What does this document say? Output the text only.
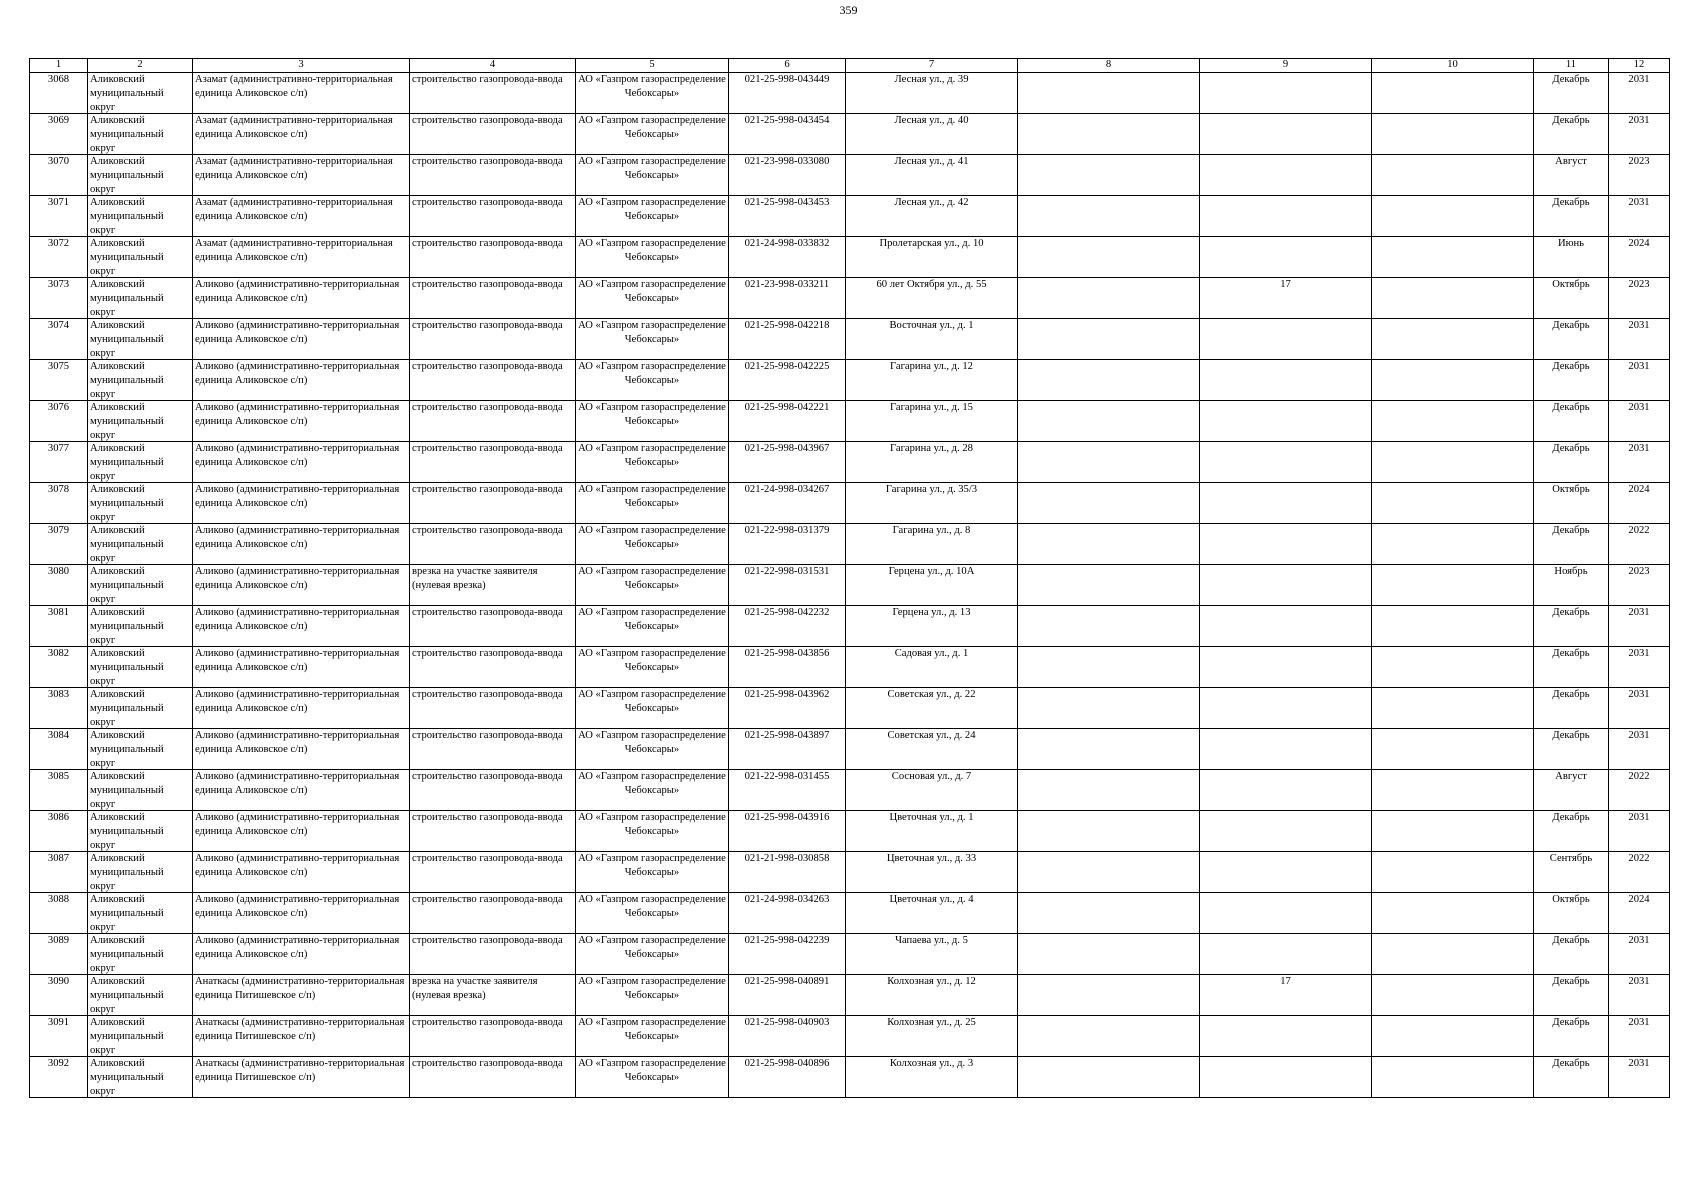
359
1	2	3	4	5	6	7	8	9	10	11	12

3068	Аликовский муниципальный округ	Азамат (административно-территориальная единица Аликовское с/п)	строительство газопровода-ввода	АО «Газпром газораспределение Чебоксары»	021-25-998-043449	Лесная ул., д. 39				Декабрь	2031

3069	Аликовский муниципальный округ	Азамат (административно-территориальная единица Аликовское с/п)	строительство газопровода-ввода	АО «Газпром газораспределение Чебоксары»	021-25-998-043454	Лесная ул., д. 40				Декабрь	2031

3070	Аликовский муниципальный округ	Азамат (административно-территориальная единица Аликовское с/п)	строительство газопровода-ввода	АО «Газпром газораспределение Чебоксары»	021-23-998-033080	Лесная ул., д. 41				Август	2023

3071	Аликовский муниципальный округ	Азамат (административно-территориальная единица Аликовское с/п)	строительство газопровода-ввода	АО «Газпром газораспределение Чебоксары»	021-25-998-043453	Лесная ул., д. 42				Декабрь	2031

3072	Аликовский муниципальный округ	Азамат (административно-территориальная единица Аликовское с/п)	строительство газопровода-ввода	АО «Газпром газораспределение Чебоксары»	021-24-998-033832	Пролетарская ул., д. 10				Июнь	2024

3073	Аликовский муниципальный округ	Аликово (административно-территориальная единица Аликовское с/п)	строительство газопровода-ввода	АО «Газпром газораспределение Чебоксары»	021-23-998-033211	60 лет Октября ул., д. 55		17		Октябрь	2023

3074	Аликовский муниципальный округ	Аликово (административно-территориальная единица Аликовское с/п)	строительство газопровода-ввода	АО «Газпром газораспределение Чебоксары»	021-25-998-042218	Восточная ул., д. 1				Декабрь	2031

3075	Аликовский муниципальный округ	Аликово (административно-территориальная единица Аликовское с/п)	строительство газопровода-ввода	АО «Газпром газораспределение Чебоксары»	021-25-998-042225	Гагарина ул., д. 12				Декабрь	2031

3076	Аликовский муниципальный округ	Аликово (административно-территориальная единица Аликовское с/п)	строительство газопровода-ввода	АО «Газпром газораспределение Чебоксары»	021-25-998-042221	Гагарина ул., д. 15				Декабрь	2031

3077	Аликовский муниципальный округ	Аликово (административно-территориальная единица Аликовское с/п)	строительство газопровода-ввода	АО «Газпром газораспределение Чебоксары»	021-25-998-043967	Гагарина ул., д. 28				Декабрь	2031

3078	Аликовский муниципальный округ	Аликово (административно-территориальная единица Аликовское с/п)	строительство газопровода-ввода	АО «Газпром газораспределение Чебоксары»	021-24-998-034267	Гагарина ул., д. 35/3				Октябрь	2024

3079	Аликовский муниципальный округ	Аликово (административно-территориальная единица Аликовское с/п)	строительство газопровода-ввода	АО «Газпром газораспределение Чебоксары»	021-22-998-031379	Гагарина ул., д. 8				Декабрь	2022

3080	Аликовский муниципальный округ	Аликово (административно-территориальная единица Аликовское с/п)	врезка на участке заявителя (нулевая врезка)	АО «Газпром газораспределение Чебоксары»	021-22-998-031531	Герцена ул., д. 10А				Ноябрь	2023

3081	Аликовский муниципальный округ	Аликово (административно-территориальная единица Аликовское с/п)	строительство газопровода-ввода	АО «Газпром газораспределение Чебоксары»	021-25-998-042232	Герцена ул., д. 13				Декабрь	2031

3082	Аликовский муниципальный округ	Аликово (административно-территориальная единица Аликовское с/п)	строительство газопровода-ввода	АО «Газпром газораспределение Чебоксары»	021-25-998-043856	Садовая ул., д. 1				Декабрь	2031

3083	Аликовский муниципальный округ	Аликово (административно-территориальная единица Аликовское с/п)	строительство газопровода-ввода	АО «Газпром газораспределение Чебоксары»	021-25-998-043962	Советская ул., д. 22				Декабрь	2031

3084	Аликовский муниципальный округ	Аликово (административно-территориальная единица Аликовское с/п)	строительство газопровода-ввода	АО «Газпром газораспределение Чебоксары»	021-25-998-043897	Советская ул., д. 24				Декабрь	2031

3085	Аликовский муниципальный округ	Аликово (административно-территориальная единица Аликовское с/п)	строительство газопровода-ввода	АО «Газпром газораспределение Чебоксары»	021-22-998-031455	Сосновая ул., д. 7				Август	2022

3086	Аликовский муниципальный округ	Аликово (административно-территориальная единица Аликовское с/п)	строительство газопровода-ввода	АО «Газпром газораспределение Чебоксары»	021-25-998-043916	Цветочная ул., д. 1				Декабрь	2031

3087	Аликовский муниципальный округ	Аликово (административно-территориальная единица Аликовское с/п)	строительство газопровода-ввода	АО «Газпром газораспределение Чебоксары»	021-21-998-030858	Цветочная ул., д. 33				Сентябрь	2022

3088	Аликовский муниципальный округ	Аликово (административно-территориальная единица Аликовское с/п)	строительство газопровода-ввода	АО «Газпром газораспределение Чебоксары»	021-24-998-034263	Цветочная ул., д. 4				Октябрь	2024

3089	Аликовский муниципальный округ	Аликово (административно-территориальная единица Аликовское с/п)	строительство газопровода-ввода	АО «Газпром газораспределение Чебоксары»	021-25-998-042239	Чапаева ул., д. 5				Декабрь	2031

3090	Аликовский муниципальный округ	Анаткасы (административно-территориальная единица Питишевское с/п)	врезка на участке заявителя (нулевая врезка)	АО «Газпром газораспределение Чебоксары»	021-25-998-040891	Колхозная ул., д. 12		17		Декабрь	2031

3091	Аликовский муниципальный округ	Анаткасы (административно-территориальная единица Питишевское с/п)	строительство газопровода-ввода	АО «Газпром газораспределение Чебоксары»	021-25-998-040903	Колхозная ул., д. 25				Декабрь	2031

3092	Аликовский муниципальный округ	Анаткасы (административно-территориальная единица Питишевское с/п)	строительство газопровода-ввода	АО «Газпром газораспределение Чебоксары»	021-25-998-040896	Колхозная ул., д. 3				Декабрь	2031
